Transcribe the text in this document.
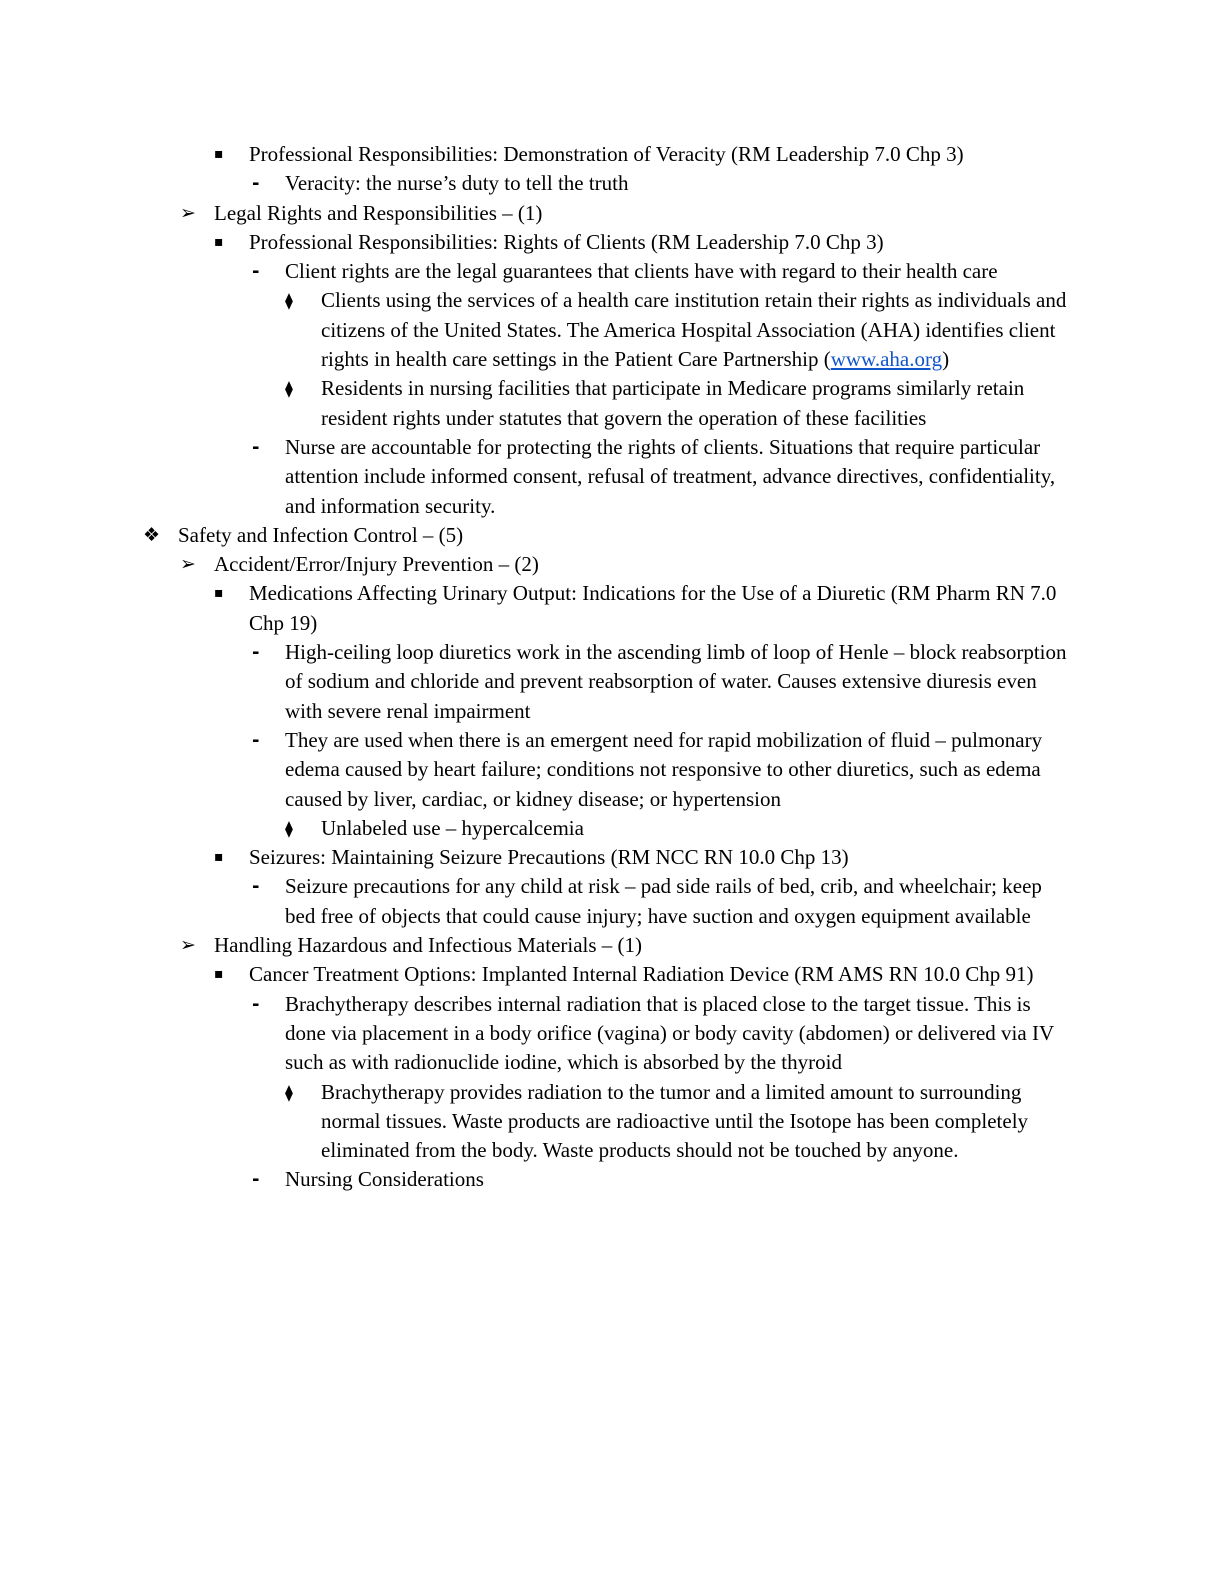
▪	Professional Responsibilities: Demonstration of Veracity (RM Leadership 7.0 Chp 3)
-	Veracity: the nurse’s duty to tell the truth
➢ Legal Rights and Responsibilities – (1)
▪	Professional Responsibilities: Rights of Clients (RM Leadership 7.0 Chp 3)
-	Client rights are the legal guarantees that clients have with regard to their health care
⧫	Clients using the services of a health care institution retain their rights as individuals and citizens of the United States. The America Hospital Association (AHA) identifies client rights in health care settings in the Patient Care Partnership (www.aha.org)
⧫	Residents in nursing facilities that participate in Medicare programs similarly retain resident rights under statutes that govern the operation of these facilities
-	Nurse are accountable for protecting the rights of clients. Situations that require particular attention include informed consent, refusal of treatment, advance directives, confidentiality, and information security.
❖ Safety and Infection Control – (5)
➢ Accident/Error/Injury Prevention – (2)
▪	Medications Affecting Urinary Output: Indications for the Use of a Diuretic (RM Pharm RN 7.0 Chp 19)
-	High-ceiling loop diuretics work in the ascending limb of loop of Henle – block reabsorption of sodium and chloride and prevent reabsorption of water. Causes extensive diuresis even with severe renal impairment
-	They are used when there is an emergent need for rapid mobilization of fluid – pulmonary edema caused by heart failure; conditions not responsive to other diuretics, such as edema caused by liver, cardiac, or kidney disease; or hypertension
⧫	Unlabeled use – hypercalcemia
▪	Seizures: Maintaining Seizure Precautions (RM NCC RN 10.0 Chp 13)
-	Seizure precautions for any child at risk – pad side rails of bed, crib, and wheelchair; keep bed free of objects that could cause injury; have suction and oxygen equipment available
➢ Handling Hazardous and Infectious Materials – (1)
▪	Cancer Treatment Options: Implanted Internal Radiation Device (RM AMS RN 10.0 Chp 91)
-	Brachytherapy describes internal radiation that is placed close to the target tissue. This is done via placement in a body orifice (vagina) or body cavity (abdomen) or delivered via IV such as with radionuclide iodine, which is absorbed by the thyroid
⧫	Brachytherapy provides radiation to the tumor and a limited amount to surrounding normal tissues. Waste products are radioactive until the Isotope has been completely eliminated from the body. Waste products should not be touched by anyone.
-	Nursing Considerations
